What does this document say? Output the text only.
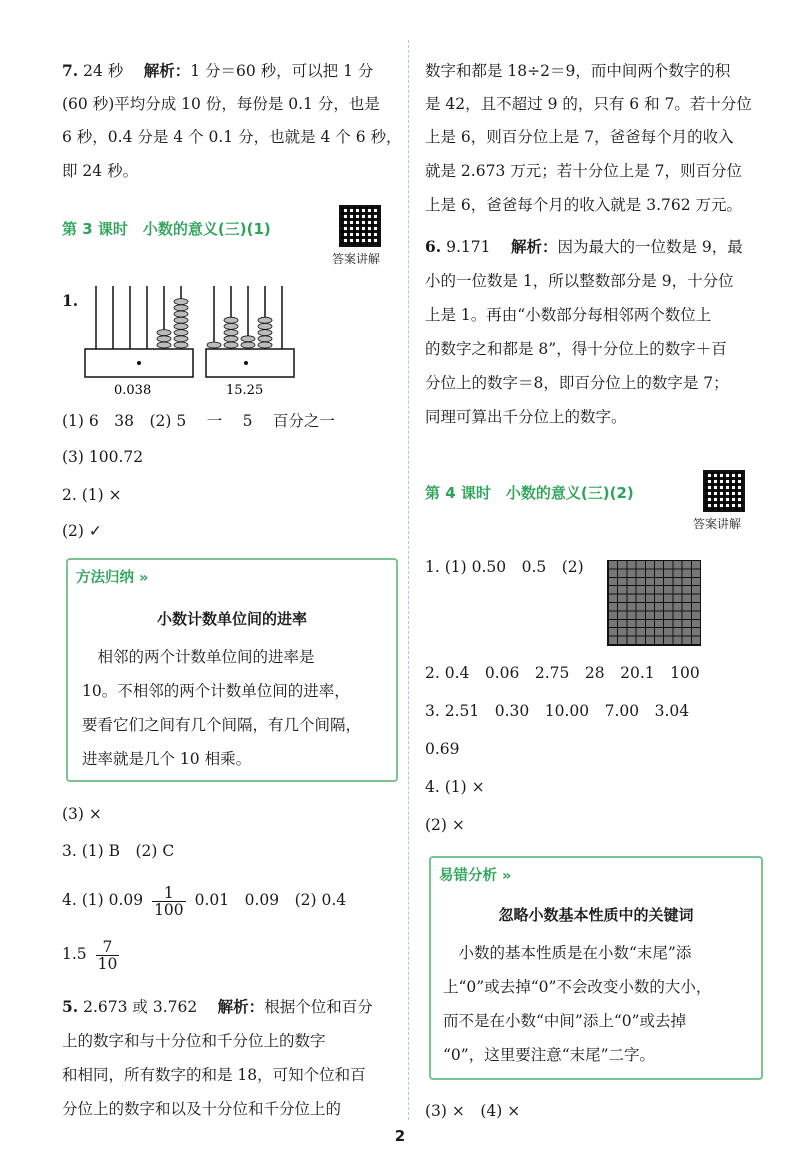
7. 24 秒　 解析：1 分＝60 秒，可以把 1 分
(60 秒)平均分成 10 份，每份是 0.1 分，也是
6 秒，0.4 分是 4 个 0.1 分，也就是 4 个 6 秒，
即 24 秒。
第 3 课时　小数的意义(三)(1)
答案讲解
1.
0.038	15.25
(1) 6　38　(2) 5　 一　 5　 百分之一
(3) 100.72
2. (1) ×
(2) ✓
方法归纳 »
小数计数单位间的进率
　相邻的两个计数单位间的进率是
10。不相邻的两个计数单位间的进率，
要看它们之间有几个间隔，有几个间隔，
进率就是几个 10 相乘。
(3) ×
3. (1) B　(2) C
4. (1) $0.09 \frac{1}{100} 0.01$　0.09　(2) 0.4
$1.5 \frac{7}{10}$
5. 2.673 或 3.762　 解析：根据个位和百分
上的数字和与十分位和千分位上的数字
和相同，所有数字的和是 18，可知个位和百
分位上的数字和以及十分位和千分位上的
数字和都是 18÷2＝9，而中间两个数字的积
是 42，且不超过 9 的，只有 6 和 7。若十分位
上是 6，则百分位上是 7，爸爸每个月的收入
就是 2.673 万元；若十分位上是 7，则百分位
上是 6，爸爸每个月的收入就是 3.762 万元。
6. 9.171　 解析：因为最大的一位数是 9，最
小的一位数是 1，所以整数部分是 9，十分位
上是 1。再由“小数部分每相邻两个数位上
的数字之和都是 8”，得十分位上的数字＋百
分位上的数字＝8，即百分位上的数字是 7；
同理可算出千分位上的数字。
第 4 课时　小数的意义(三)(2)
答案讲解
1. (1) 0.50　0.5　(2)
2. 0.4　0.06　2.75　28　20.1　100
3. 2.51　0.30　10.00　7.00　3.04
0.69
4. (1) ×
(2) ×
易错分析 »
忽略小数基本性质中的关键词
　小数的基本性质是在小数“末尾”添
上“0”或去掉“0”不会改变小数的大小，
而不是在小数“中间”添上“0”或去掉
“0”，这里要注意“末尾”二字。
(3) ×　(4) ×
2
